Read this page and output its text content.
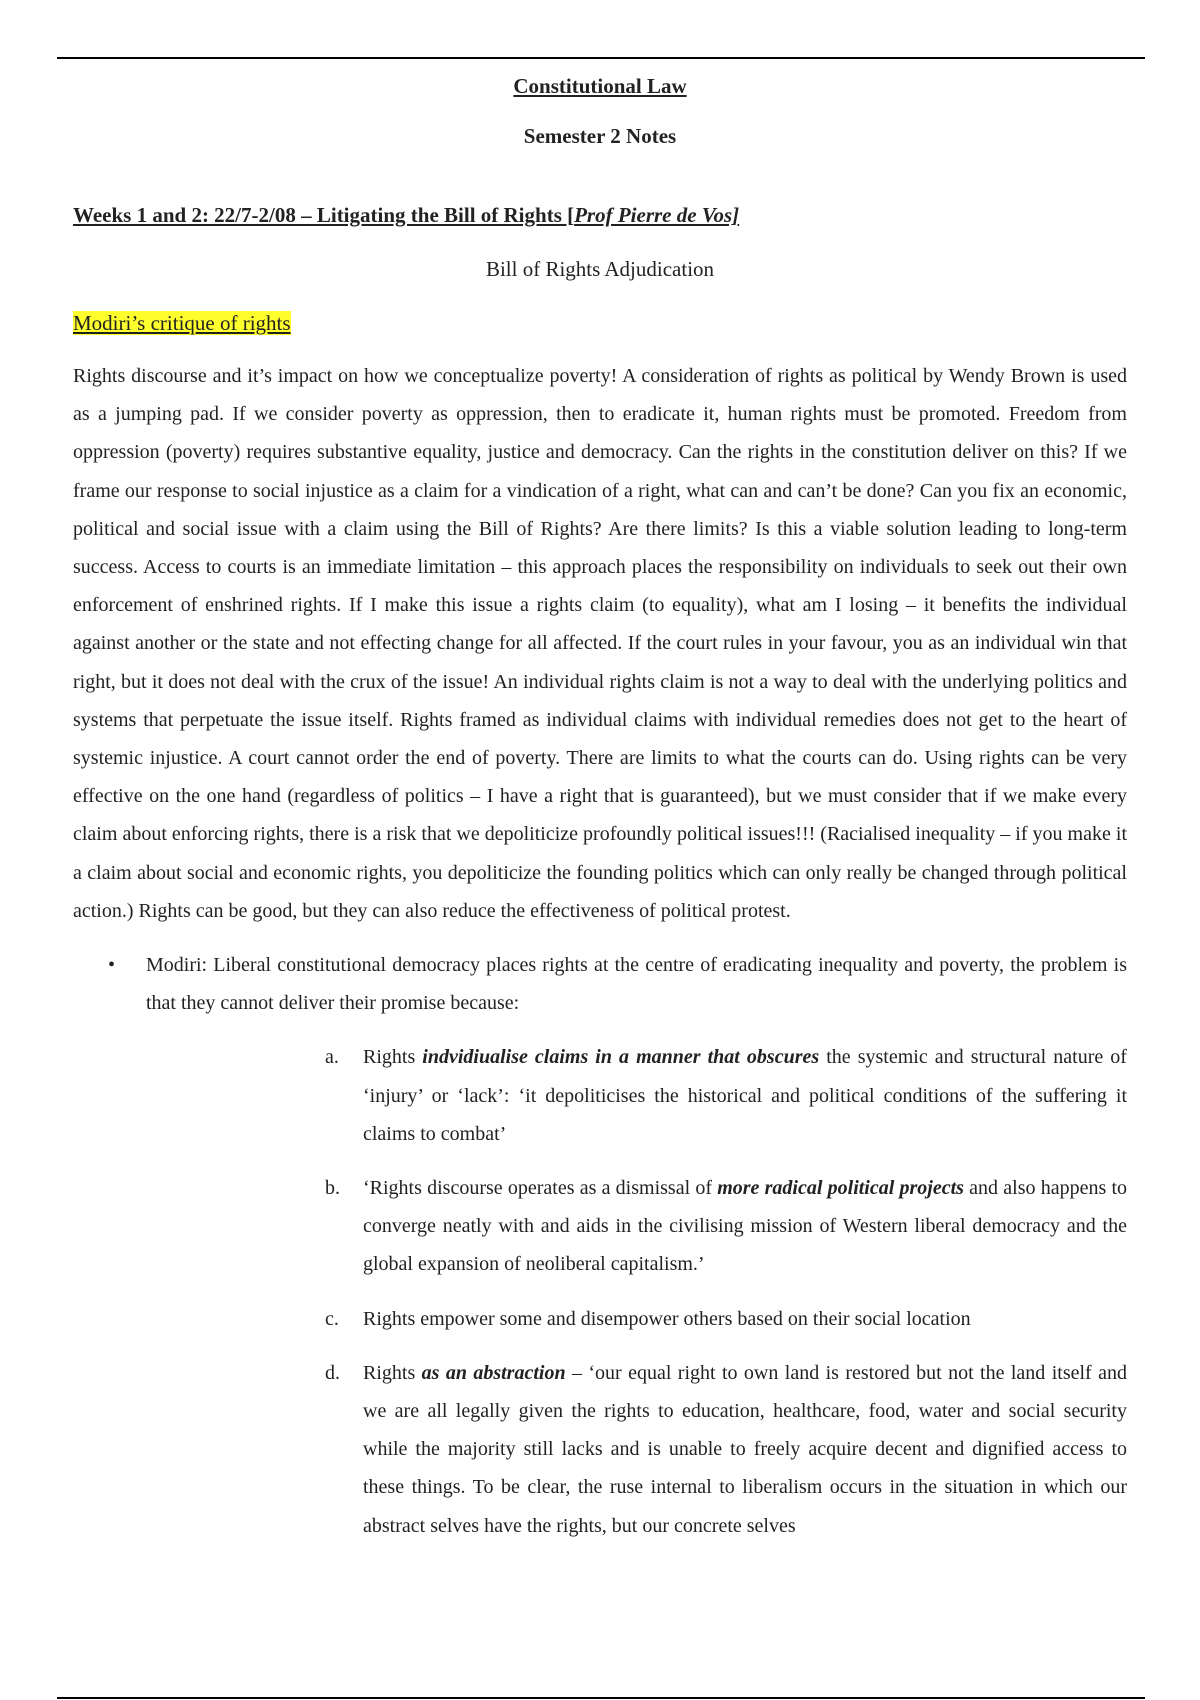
Constitutional Law
Semester 2 Notes
Weeks 1 and 2: 22/7-2/08 – Litigating the Bill of Rights [Prof Pierre de Vos]
Bill of Rights Adjudication
Modiri’s critique of rights

Rights discourse and it’s impact on how we conceptualize poverty! A consideration of rights as political by Wendy Brown is used as a jumping pad. If we consider poverty as oppression, then to eradicate it, human rights must be promoted. Freedom from oppression (poverty) requires substantive equality, justice and democracy. Can the rights in the constitution deliver on this? If we frame our response to social injustice as a claim for a vindication of a right, what can and can’t be done? Can you fix an economic, political and social issue with a claim using the Bill of Rights? Are there limits? Is this a viable solution leading to long-term success. Access to courts is an immediate limitation – this approach places the responsibility on individuals to seek out their own enforcement of enshrined rights. If I make this issue a rights claim (to equality), what am I losing – it benefits the individual against another or the state and not effecting change for all affected. If the court rules in your favour, you as an individual win that right, but it does not deal with the crux of the issue! An individual rights claim is not a way to deal with the underlying politics and systems that perpetuate the issue itself. Rights framed as individual claims with individual remedies does not get to the heart of systemic injustice. A court cannot order the end of poverty. There are limits to what the courts can do. Using rights can be very effective on the one hand (regardless of politics – I have a right that is guaranteed), but we must consider that if we make every claim about enforcing rights, there is a risk that we depoliticize profoundly political issues!!! (Racialised inequality – if you make it a claim about social and economic rights, you depoliticize the founding politics which can only really be changed through political action.) Rights can be good, but they can also reduce the effectiveness of political protest.

• Modiri: Liberal constitutional democracy places rights at the centre of eradicating inequality and poverty, the problem is that they cannot deliver their promise because:

a. Rights indvidiualise claims in a manner that obscures the systemic and structural nature of ‘injury’ or ‘lack’: ‘it depoliticises the historical and political conditions of the suffering it claims to combat’

b. ‘Rights discourse operates as a dismissal of more radical political projects and also happens to converge neatly with and aids in the civilising mission of Western liberal democracy and the global expansion of neoliberal capitalism.’

c. Rights empower some and disempower others based on their social location

d. Rights as an abstraction – ‘our equal right to own land is restored but not the land itself and we are all legally given the rights to education, healthcare, food, water and social security while the majority still lacks and is unable to freely acquire decent and dignified access to these things. To be clear, the ruse internal to liberalism occurs in the situation in which our abstract selves have the rights, but our concrete selves
